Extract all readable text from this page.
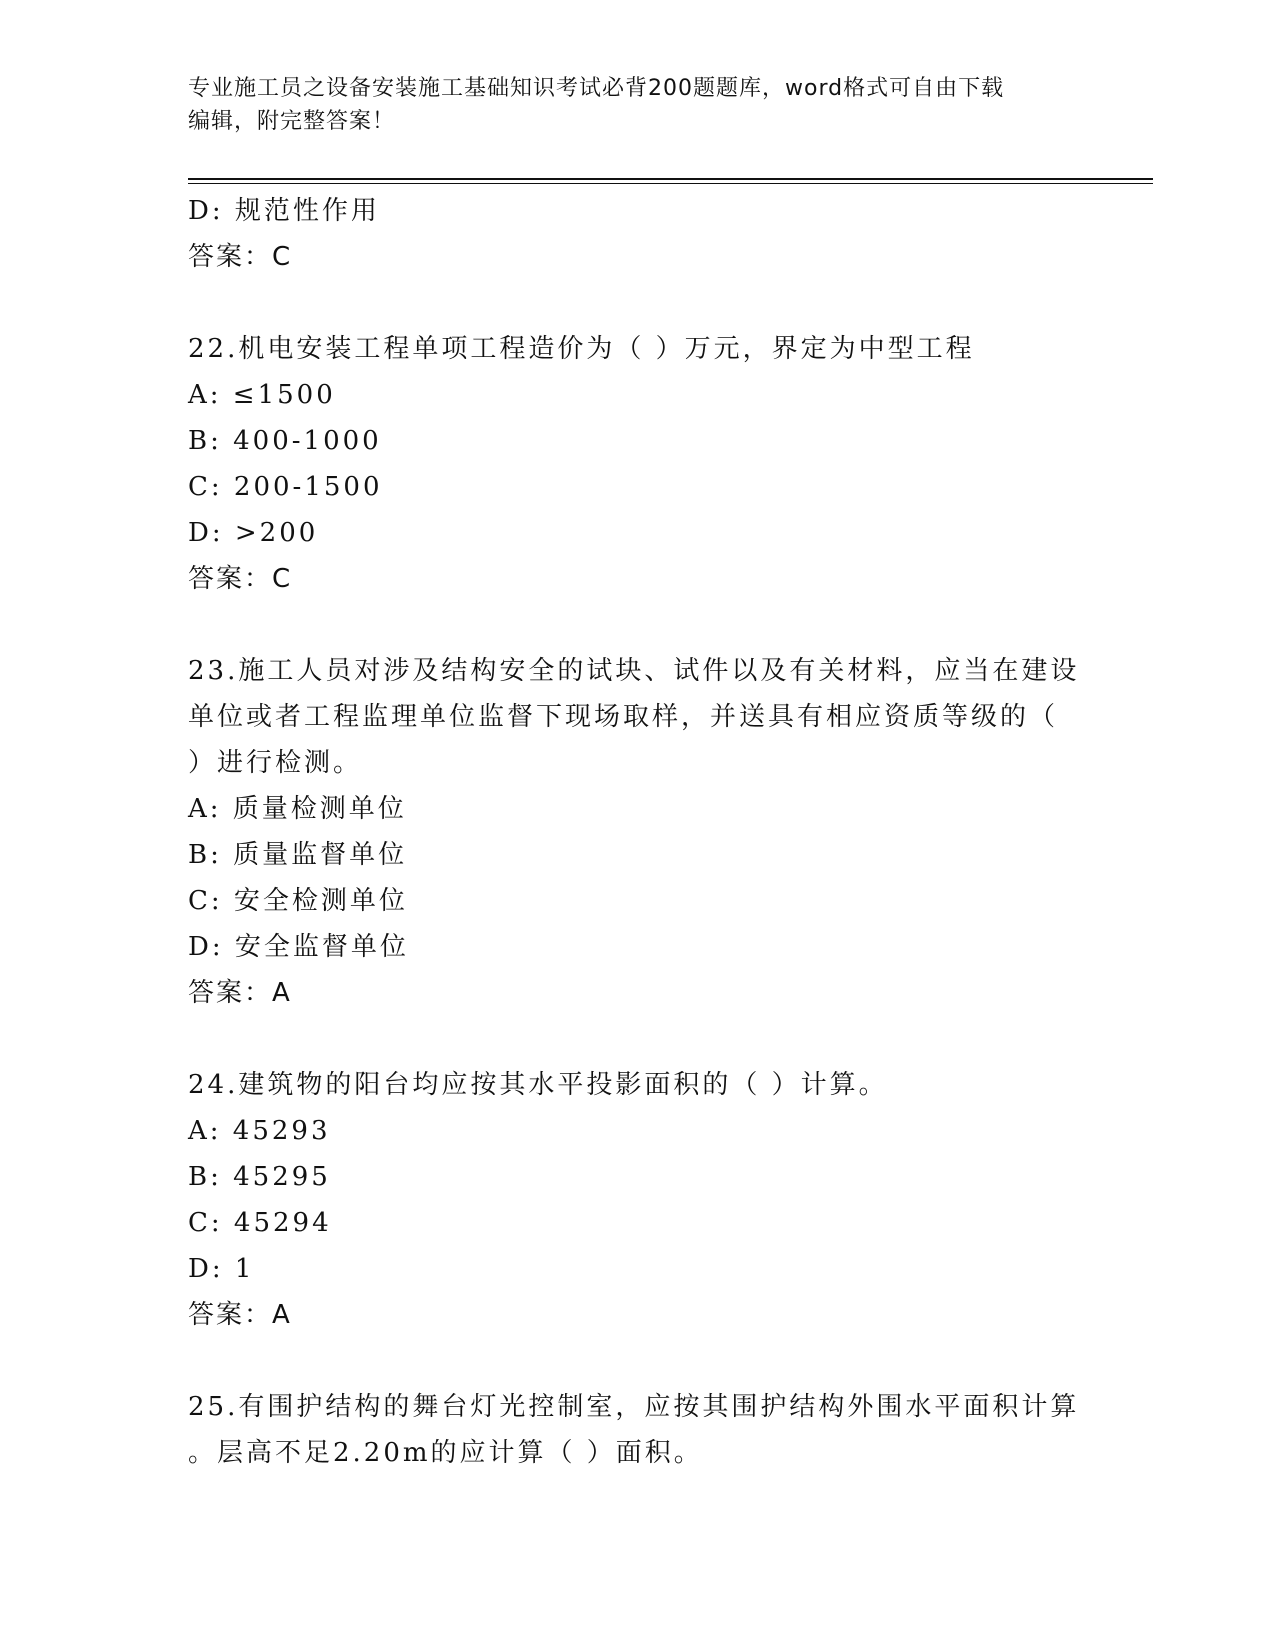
专业施工员之设备安装施工基础知识考试必背200题题库，word格式可自由下载
编辑，附完整答案！
D: 规范性作用
答案：C
22.机电安装工程单项工程造价为（ ）万元，界定为中型工程
A: ≤1500
B: 400-1000
C: 200-1500
D: >200
答案：C
23.施工人员对涉及结构安全的试块、试件以及有关材料，应当在建设
单位或者工程监理单位监督下现场取样，并送具有相应资质等级的（
）进行检测。
A: 质量检测单位
B: 质量监督单位
C: 安全检测单位
D: 安全监督单位
答案：A
24.建筑物的阳台均应按其水平投影面积的（ ）计算。
A: 45293
B: 45295
C: 45294
D: 1
答案：A
25.有围护结构的舞台灯光控制室，应按其围护结构外围水平面积计算
。层高不足2.20m的应计算（ ）面积。
